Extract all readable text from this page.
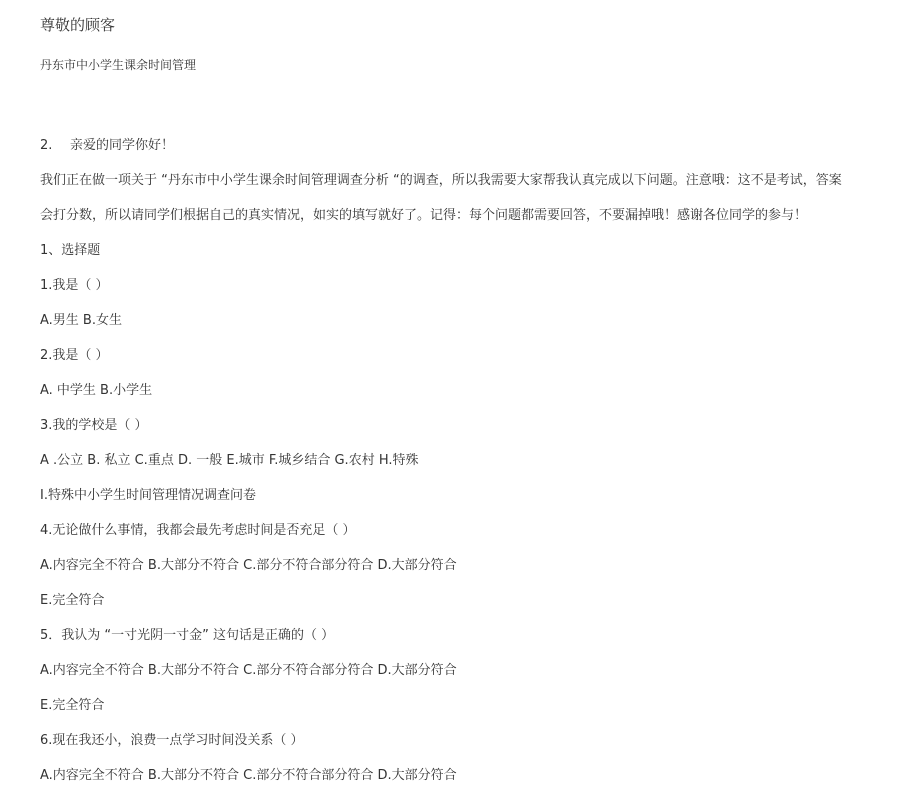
尊敬的顾客
丹东市中小学生课余时间管理
2. 亲爱的同学你好！
我们正在做一项关于 “丹东市中小学生课余时间管理调查分析 “的调查，所以我需要大家帮我认真完成以下问题。注意哦：这不是考试，答案
会打分数，所以请同学们根据自己的真实情况，如实的填写就好了。记得：每个问题都需要回答，不要漏掉哦！感谢各位同学的参与！
1、选择题
1.我是（ ）
A.男生 B.女生
2.我是（ ）
A. 中学生 B.小学生
3.我的学校是（ ）
A .公立 B. 私立 C.重点 D. 一般 E.城市 F.城乡结合 G.农村 H.特殊
I.特殊中小学生时间管理情况调查问卷
4.无论做什么事情，我都会最先考虑时间是否充足（ ）
A.内容完全不符合 B.大部分不符合 C.部分不符合部分符合 D.大部分符合
E.完全符合
5．我认为 “一寸光阴一寸金” 这句话是正确的（ ）
A.内容完全不符合 B.大部分不符合 C.部分不符合部分符合 D.大部分符合
E.完全符合
6.现在我还小，浪费一点学习时间没关系（ ）
A.内容完全不符合 B.大部分不符合 C.部分不符合部分符合 D.大部分符合
